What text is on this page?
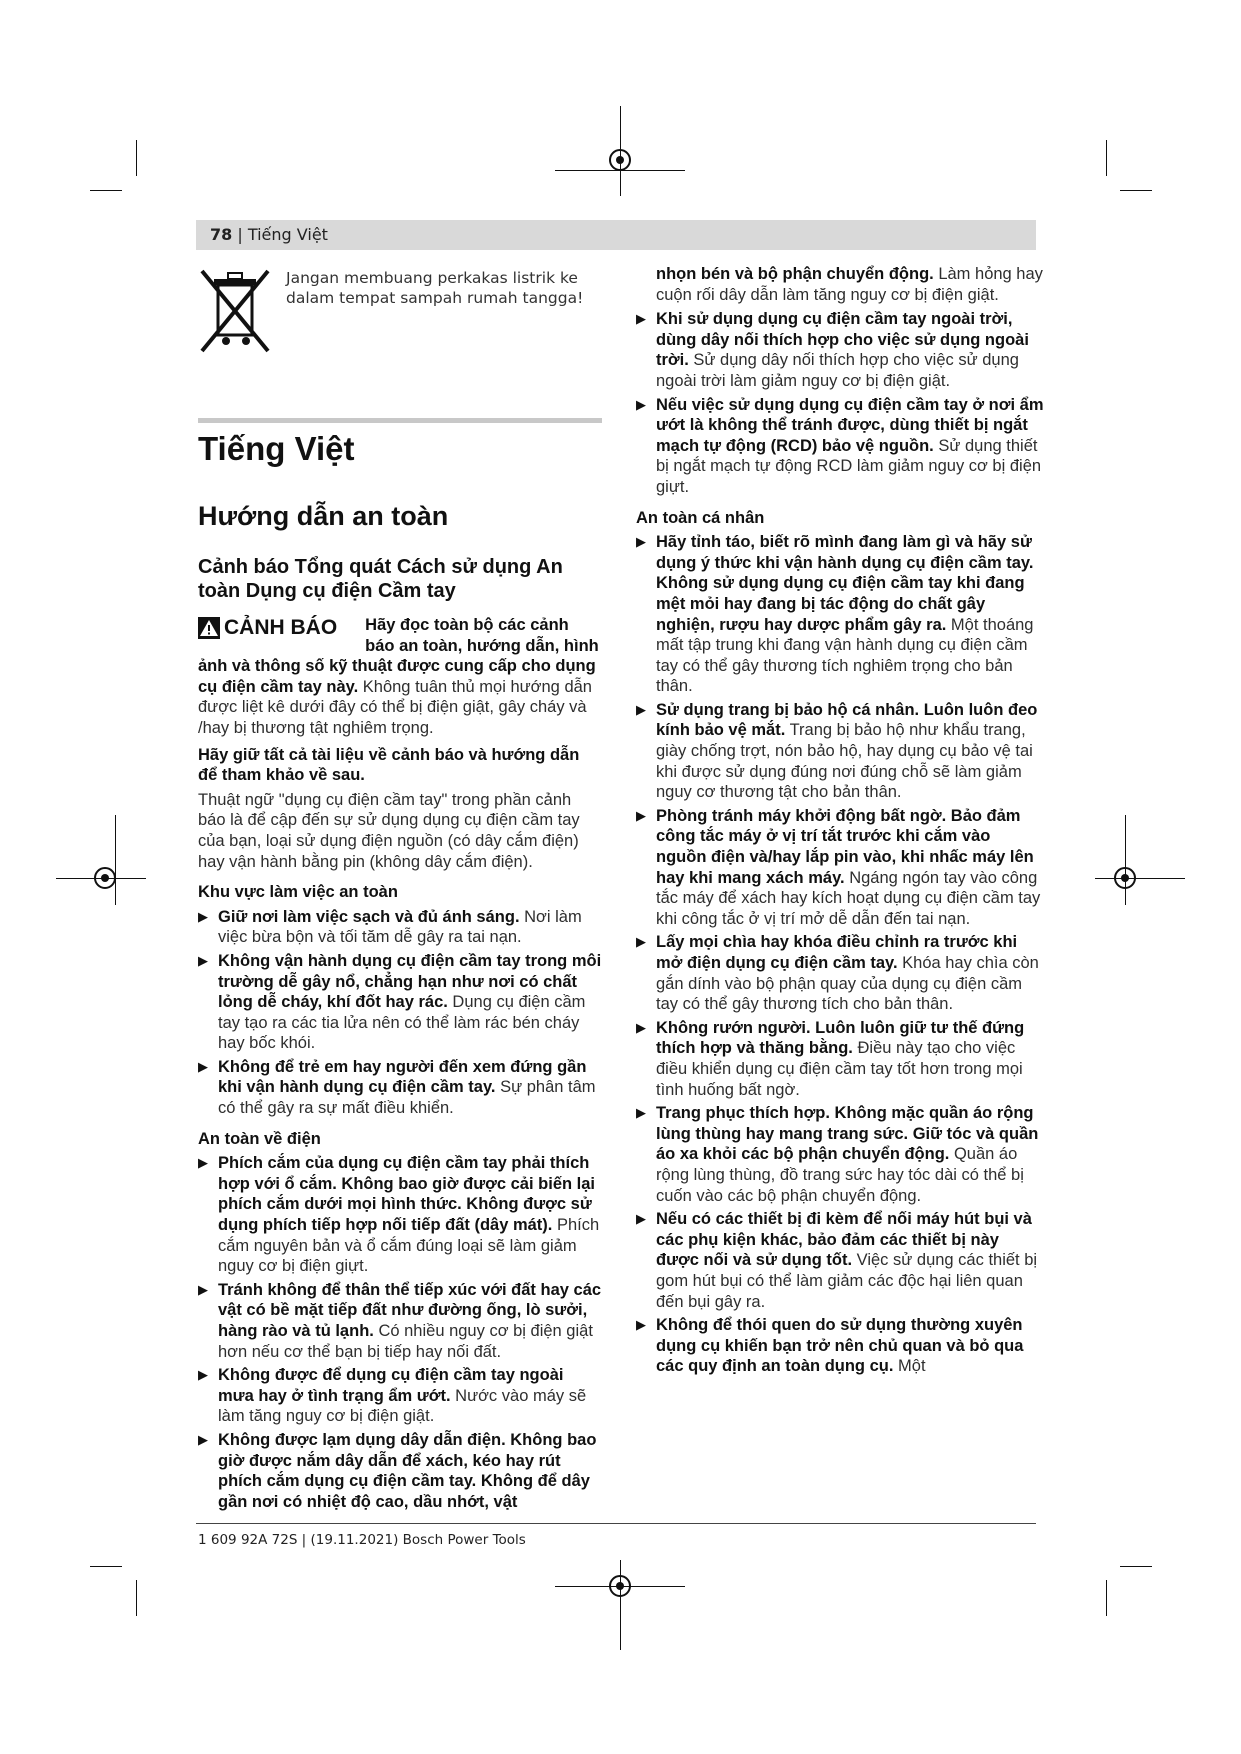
78 | Tiếng Việt
Jangan membuang perkakas listrik ke dalam tempat sampah rumah tangga!
Tiếng Việt
Hướng dẫn an toàn
Cảnh báo Tổng quát Cách sử dụng An toàn Dụng cụ điện Cầm tay
CẢNH BÁO Hãy đọc toàn bộ các cảnh báo an toàn, hướng dẫn, hình ảnh và thông số kỹ thuật được cung cấp cho dụng cụ điện cầm tay này. Không tuân thủ mọi hướng dẫn được liệt kê dưới đây có thể bị điện giật, gây cháy và /hay bị thương tật nghiêm trọng.
Hãy giữ tất cả tài liệu về cảnh báo và hướng dẫn để tham khảo về sau.
Thuật ngữ "dụng cụ điện cầm tay" trong phần cảnh báo là để cập đến sự sử dụng dụng cụ điện cầm tay của bạn, loại sử dụng điện nguồn (có dây cắm điện) hay vận hành bằng pin (không dây cắm điện).
Khu vực làm việc an toàn
▶ Giữ nơi làm việc sạch và đủ ánh sáng. Nơi làm việc bừa bộn và tối tăm dễ gây ra tai nạn.
▶ Không vận hành dụng cụ điện cầm tay trong môi trường dễ gây nổ, chẳng hạn như nơi có chất lỏng dễ cháy, khí đốt hay rác. Dụng cụ điện cầm tay tạo ra các tia lửa nên có thể làm rác bén cháy hay bốc khói.
▶ Không để trẻ em hay người đến xem đứng gần khi vận hành dụng cụ điện cầm tay. Sự phân tâm có thể gây ra sự mất điều khiển.
An toàn về điện
▶ Phích cắm của dụng cụ điện cầm tay phải thích hợp với ổ cắm. Không bao giờ được cải biến lại phích cắm dưới mọi hình thức. Không được sử dụng phích tiếp hợp nối tiếp đất (dây mát). Phích cắm nguyên bản và ổ cắm đúng loại sẽ làm giảm nguy cơ bị điện giựt.
▶ Tránh không để thân thể tiếp xúc với đất hay các vật có bề mặt tiếp đất như đường ống, lò sưởi, hàng rào và tủ lạnh. Có nhiều nguy cơ bị điện giật hơn nếu cơ thể bạn bị tiếp hay nối đất.
▶ Không được để dụng cụ điện cầm tay ngoài mưa hay ở tình trạng ẩm ướt. Nước vào máy sẽ làm tăng nguy cơ bị điện giật.
▶ Không được lạm dụng dây dẫn điện. Không bao giờ được nắm dây dẫn để xách, kéo hay rút phích cắm dụng cụ điện cầm tay. Không để dây gần nơi có nhiệt độ cao, dầu nhớt, vật
nhọn bén và bộ phận chuyển động. Làm hỏng hay cuộn rối dây dẫn làm tăng nguy cơ bị điện giật.
▶ Khi sử dụng dụng cụ điện cầm tay ngoài trời, dùng dây nối thích hợp cho việc sử dụng ngoài trời. Sử dụng dây nối thích hợp cho việc sử dụng ngoài trời làm giảm nguy cơ bị điện giật.
▶ Nếu việc sử dụng dụng cụ điện cầm tay ở nơi ẩm ướt là không thể tránh được, dùng thiết bị ngắt mạch tự động (RCD) bảo vệ nguồn. Sử dụng thiết bị ngắt mạch tự động RCD làm giảm nguy cơ bị điện giựt.
An toàn cá nhân
▶ Hãy tỉnh táo, biết rõ mình đang làm gì và hãy sử dụng ý thức khi vận hành dụng cụ điện cầm tay. Không sử dụng dụng cụ điện cầm tay khi đang mệt mỏi hay đang bị tác động do chất gây nghiện, rượu hay dược phẩm gây ra. Một thoáng mất tập trung khi đang vận hành dụng cụ điện cầm tay có thể gây thương tích nghiêm trọng cho bản thân.
▶ Sử dụng trang bị bảo hộ cá nhân. Luôn luôn đeo kính bảo vệ mắt. Trang bị bảo hộ như khẩu trang, giày chống trợt, nón bảo hộ, hay dụng cụ bảo vệ tai khi được sử dụng đúng nơi đúng chỗ sẽ làm giảm nguy cơ thương tật cho bản thân.
▶ Phòng tránh máy khởi động bất ngờ. Bảo đảm công tắc máy ở vị trí tắt trước khi cắm vào nguồn điện và/hay lắp pin vào, khi nhấc máy lên hay khi mang xách máy. Ngáng ngón tay vào công tắc máy để xách hay kích hoạt dụng cụ điện cầm tay khi công tắc ở vị trí mở dễ dẫn đến tai nạn.
▶ Lấy mọi chìa hay khóa điều chỉnh ra trước khi mở điện dụng cụ điện cầm tay. Khóa hay chìa còn gắn dính vào bộ phận quay của dụng cụ điện cầm tay có thể gây thương tích cho bản thân.
▶ Không rướn người. Luôn luôn giữ tư thế đứng thích hợp và thăng bằng. Điều này tạo cho việc điều khiển dụng cụ điện cầm tay tốt hơn trong mọi tình huống bất ngờ.
▶ Trang phục thích hợp. Không mặc quần áo rộng lùng thùng hay mang trang sức. Giữ tóc và quần áo xa khỏi các bộ phận chuyển động. Quần áo rộng lùng thùng, đồ trang sức hay tóc dài có thể bị cuốn vào các bộ phận chuyển động.
▶ Nếu có các thiết bị đi kèm để nối máy hút bụi và các phụ kiện khác, bảo đảm các thiết bị này được nối và sử dụng tốt. Việc sử dụng các thiết bị gom hút bụi có thể làm giảm các độc hại liên quan đến bụi gây ra.
▶ Không để thói quen do sử dụng thường xuyên dụng cụ khiến bạn trở nên chủ quan và bỏ qua các quy định an toàn dụng cụ. Một
1 609 92A 72S | (19.11.2021) Bosch Power Tools
